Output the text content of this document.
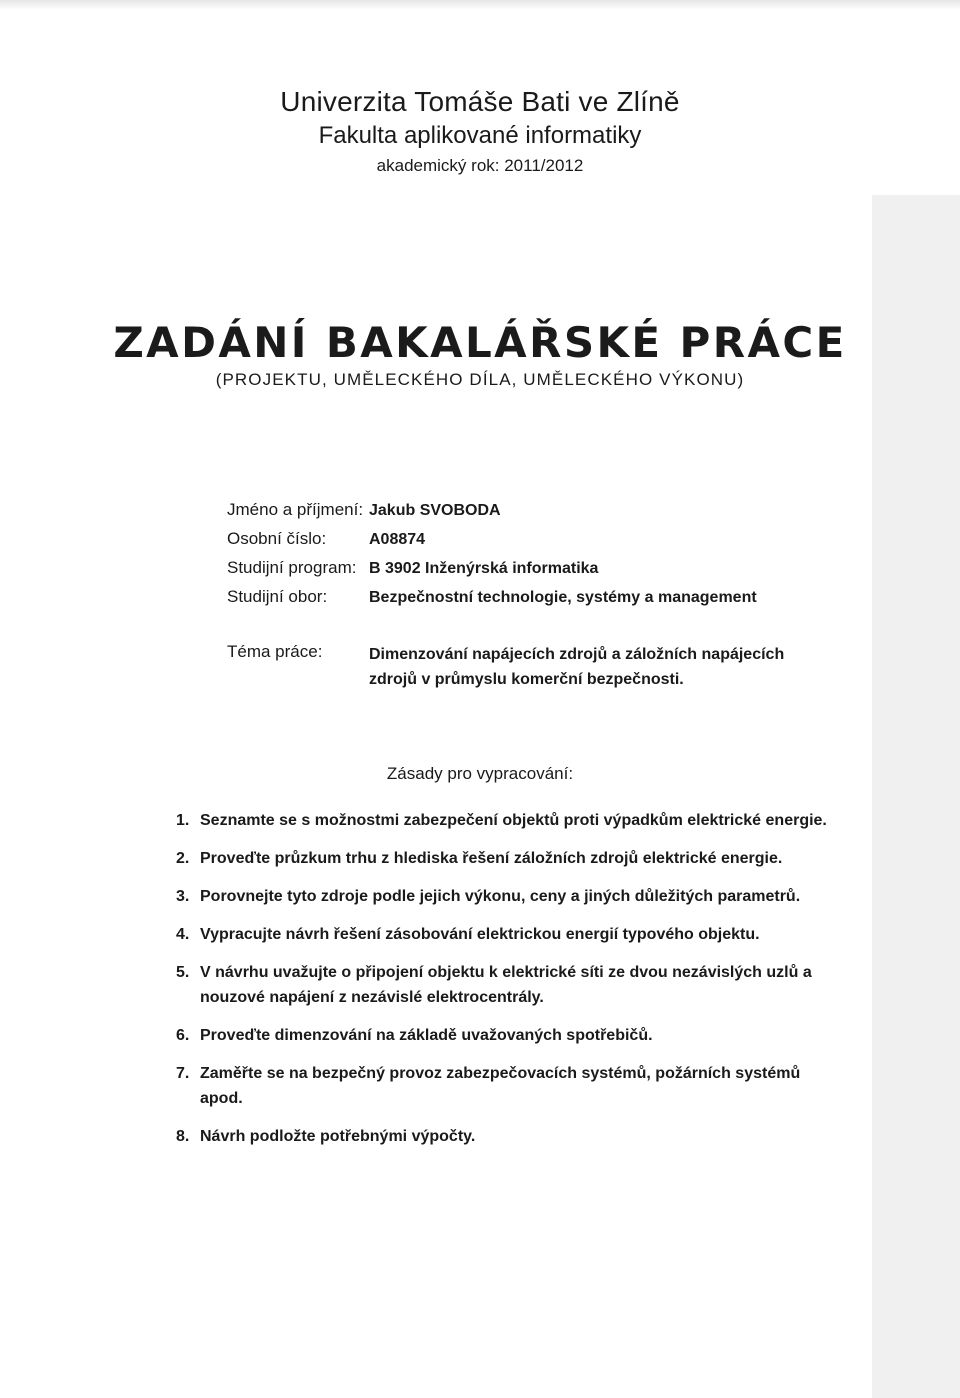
Univerzita Tomáše Bati ve Zlíně
Fakulta aplikované informatiky
akademický rok: 2011/2012
ZADÁNÍ BAKALÁŘSKÉ PRÁCE
(PROJEKTU, UMĚLECKÉHO DÍLA, UMĚLECKÉHO VÝKONU)
Jméno a příjmení: Jakub SVOBODA
Osobní číslo:	A08874
Studijní program: B 3902 Inženýrská informatika
Studijní obor:	Bezpečnostní technologie, systémy a management
Téma práce:	Dimenzování napájecích zdrojů a záložních napájecích zdrojů v průmyslu komerční bezpečnosti.
Zásady pro vypracování:
1. Seznamte se s možnostmi zabezpečení objektů proti výpadkům elektrické energie.
2. Proveďte průzkum trhu z hlediska řešení záložních zdrojů elektrické energie.
3. Porovnejte tyto zdroje podle jejich výkonu, ceny a jiných důležitých parametrů.
4. Vypracujte návrh řešení zásobování elektrickou energií typového objektu.
5. V návrhu uvažujte o připojení objektu k elektrické síti ze dvou nezávislých uzlů a nouzové napájení z nezávislé elektrocentrály.
6. Proveďte dimenzování na základě uvažovaných spotřebičů.
7. Zaměřte se na bezpečný provoz zabezpečovacích systémů, požárních systémů apod.
8. Návrh podložte potřebnými výpočty.
